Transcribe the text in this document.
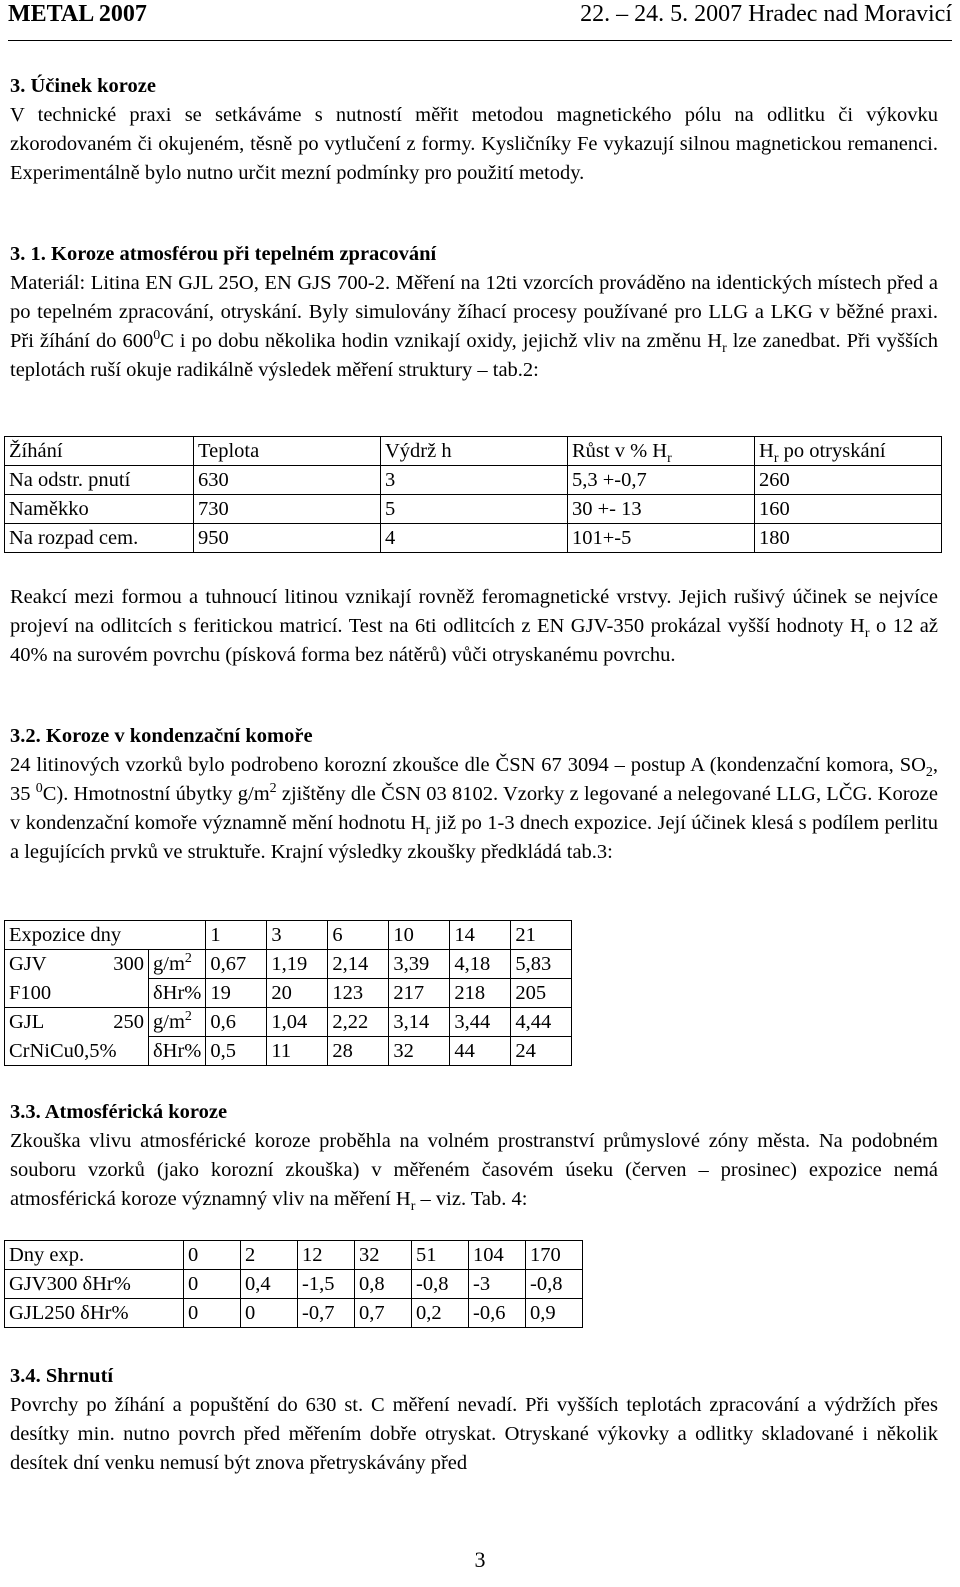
METAL 2007	22. – 24. 5. 2007 Hradec nad Moravicí

3. Účinek koroze

V technické praxi se setkáváme s nutností měřit metodou magnetického pólu na odlitku či výkovku zkorodovaném či okujeném, těsně po vytlučení z formy. Kysličníky Fe vykazují silnou magnetickou remanenci. Experimentálně bylo nutno určit mezní podmínky pro použití metody.

3. 1. Koroze atmosférou při tepelném zpracování

Materiál: Litina EN GJL 25O, EN GJS 700-2. Měření na 12ti vzorcích prováděno na identických místech před a po tepelném zpracování, otryskání. Byly simulovány žíhací procesy používané pro LLG a LKG v běžné praxi. Při žíhání do $600^0C$ i po dobu několika hodin vznikají oxidy, jejichž vliv na změnu $H_r$ lze zanedbat. Při vyšších teplotách ruší okuje radikálně výsledek měření struktury – tab.2:

Žíhání	Teplota	Výdrž h	Růst v % $H_r$	$H_r$ po otryskání
Na odstr. pnutí	630	3	5,3 +-0,7	260
Naměkko	730	5	30 +- 13	160
Na rozpad cem.	950	4	101+-5	180

Reakcí mezi formou a tuhnoucí litinou vznikají rovněž feromagnetické vrstvy. Jejich rušivý účinek se nejvíce projeví na odlitcích s feritickou matricí. Test na 6ti odlitcích z EN GJV-350 prokázal vyšší hodnoty $H_r$ o 12 až 40% na surovém povrchu (písková forma bez nátěrů) vůči otryskanému povrchu.

3.2. Koroze v kondenzační komoře

24 litinových vzorků bylo podrobeno korozní zkoušce dle ČSN 67 3094 – postup A (kondenzační komora, $SO_2$, 35 $^0$C). Hmotnostní úbytky $g/m^2$ zjištěny dle ČSN 03 8102. Vzorky z legované a nelegované LLG, LČG. Koroze v kondenzační komoře významně mění hodnotu $H_r$ již po 1-3 dnech expozice. Její účinek klesá s podílem perlitu a legujících prvků ve struktuře. Krajní výsledky zkoušky předkládá tab.3:

Expozice dny		1	3	6	10	14	21
GJV 300	$g/m^2$	0,67	1,19	2,14	3,39	4,18	5,83
F100	δHr%	19	20	123	217	218	205
GJL 250	$g/m^2$	0,6	1,04	2,22	3,14	3,44	4,44
CrNiCu0,5%	δHr%	0,5	11	28	32	44	24

3.3. Atmosférická koroze

Zkouška vlivu atmosférické koroze proběhla na volném prostranství průmyslové zóny města. Na podobném souboru vzorků (jako korozní zkouška) v měřeném časovém úseku (červen – prosinec) expozice nemá atmosférická koroze významný vliv na měření $H_r$ – viz. Tab. 4:

Dny exp.	0	2	12	32	51	104	170
GJV300 δHr%	0	0,4	-1,5	0,8	-0,8	-3	-0,8
GJL250 δHr%	0	0	-0,7	0,7	0,2	-0,6	0,9

3.4. Shrnutí

Povrchy po žíhání a popuštění do 630 st. C měření nevadí. Při vyšších teplotách zpracování a výdržích přes desítky min. nutno povrch před měřením dobře otryskat. Otryskané výkovky a odlitky skladované i několik desítek dní venku nemusí být znova přetryskávány před

3
